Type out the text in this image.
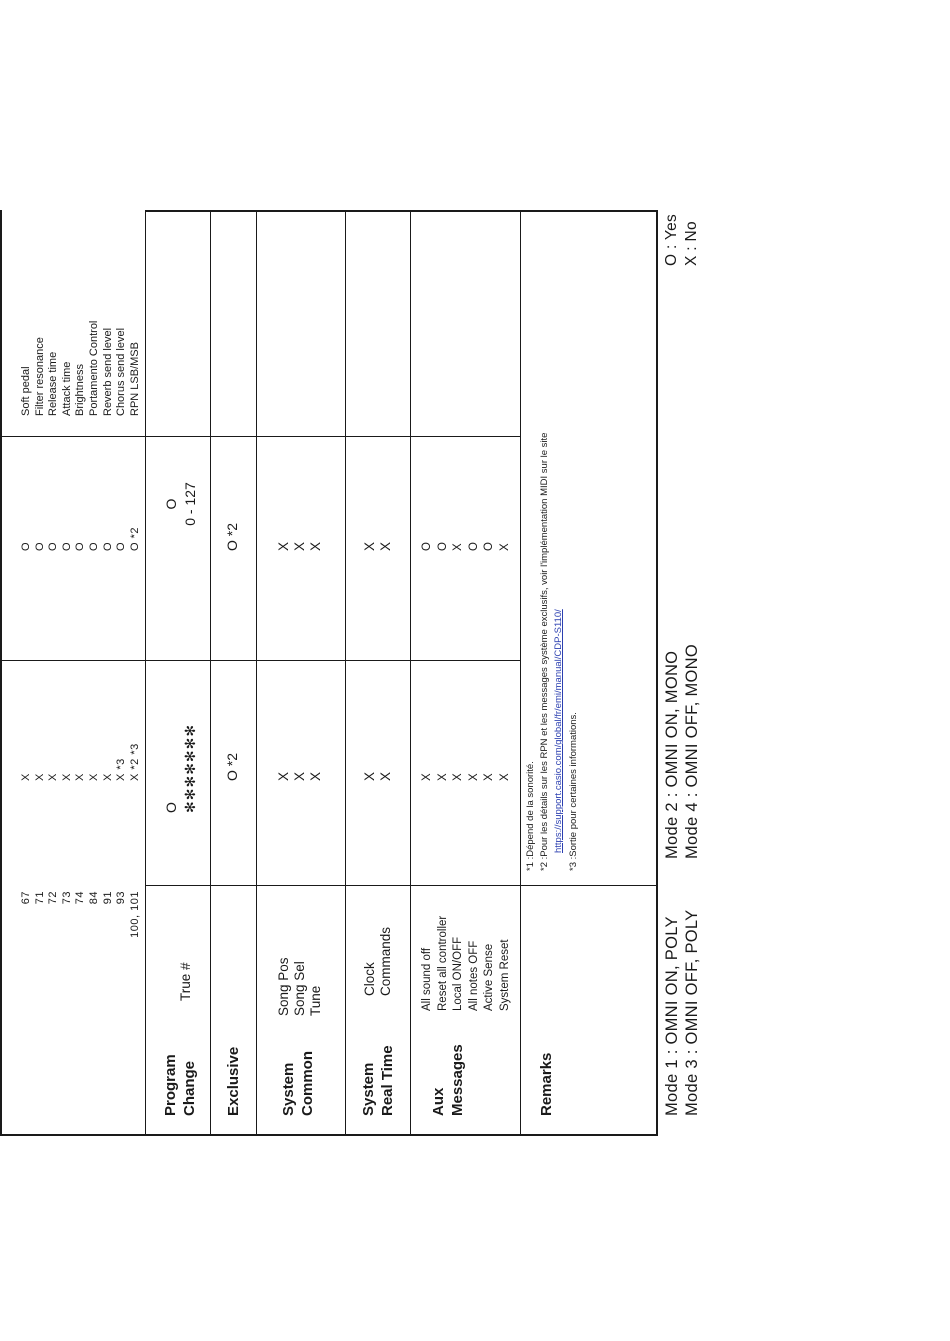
67 71 72 73 74 84 91 93 100, 101
X X X X X X X X *3 X *2 *3
O O O O O O O O O *2
Soft pedal Filter resonance Release time Attack time Brightness Portamento Control Reverb send level Chorus send level RPN LSB/MSB
Program Change
True #
O ✻✻✻✻✻✻✻
O 0 - 127
Exclusive
O *2
O *2
System Common
Song Pos Song Sel Tune
X X X
X X X
System Real Time
Clock Commands
X X
X X
Aux Messages
All sound off Reset all controller Local ON/OFF All notes OFF Active Sense System Reset
X X X X X X
O O X O O X
Remarks
*1 :Dépend de la sonorité. *2 :Pour les détails sur les RPN et les messages système exclusifs, voir l'implémentation MIDI sur le site https://support.casio.com/global/fr/emi/manual/CDP-S110/ *3 :Sortie pour certaines informations.
Mode 1 : OMNI ON, POLY Mode 3 : OMNI OFF, POLY
Mode 2 : OMNI ON, MONO Mode 4 : OMNI OFF, MONO
O : Yes X : No
